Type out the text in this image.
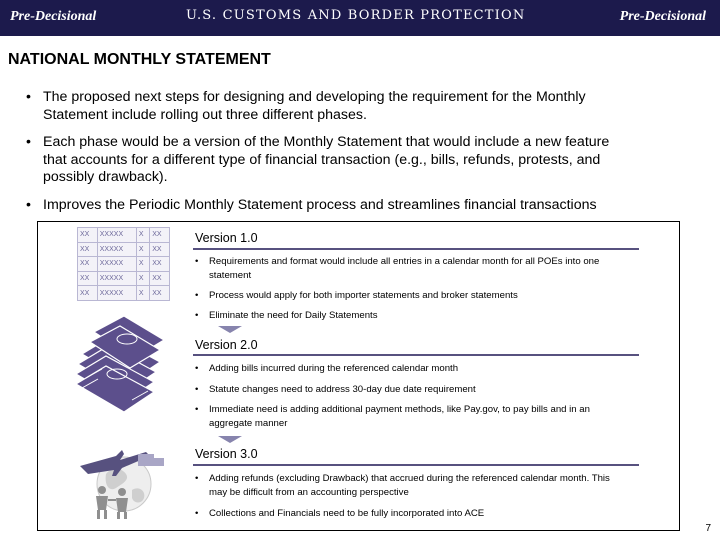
Pre-Decisional	U.S. CUSTOMS AND BORDER PROTECTION	Pre-Decisional
NATIONAL MONTHLY STATEMENT
• The proposed next steps for designing and developing the requirement for the Monthly
Statement include rolling out three different phases.
• Each phase would be a version of the Monthly Statement that would include a new feature
that accounts for a different type of financial transaction (e.g., bills, refunds, protests, and
possibly drawback).
• Improves the Periodic Monthly Statement process and streamlines financial transactions
XX	XXXXX	X	XX
XX	XXXXX	X	XX
XX	XXXXX	X	XX
XX	XXXXX	X	XX
XX	XXXXX	X	XX
Version 1.0
• Requirements and format would include all entries in a calendar month for all POEs into one
statement
• Process would apply for both importer statements and broker statements
• Eliminate the need for Daily Statements
Version 2.0
• Adding bills incurred during the referenced calendar month
• Statute changes need to address 30-day due date requirement
• Immediate need is adding additional payment methods, like Pay.gov, to pay bills and in an
aggregate manner
Version 3.0
• Adding refunds (excluding Drawback) that accrued during the referenced calendar month. This
may be difficult from an accounting perspective
• Collections and Financials need to be fully incorporated into ACE
7
